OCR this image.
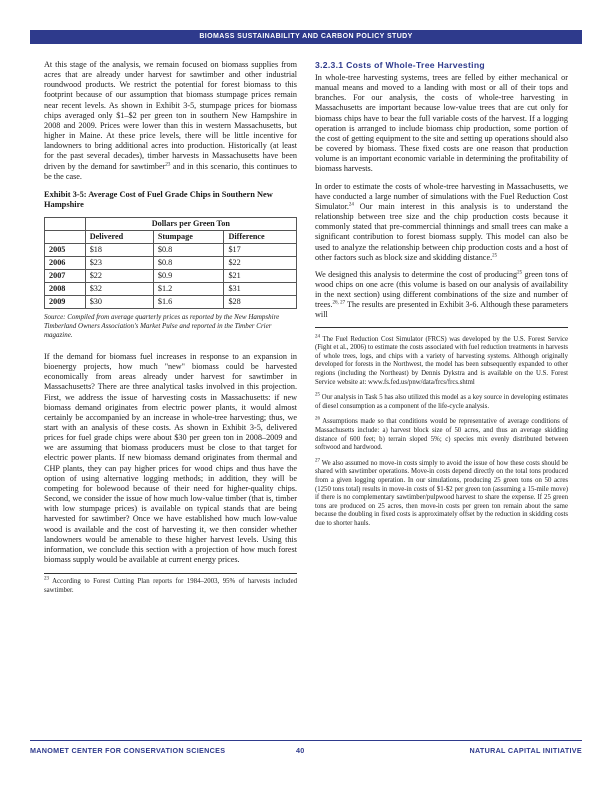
BIOMASS SUSTAINABILITY AND CARBON POLICY STUDY

At this stage of the analysis, we remain focused on biomass supplies from acres that are already under harvest for sawtimber and other industrial roundwood products. We restrict the potential for forest biomass to this footprint because of our assumption that biomass stumpage prices remain near recent levels. As shown in Exhibit 3-5, stumpage prices for biomass chips averaged only $1–$2 per green ton in southern New Hampshire in 2008 and 2009. Prices were lower than this in western Massachusetts, but higher in Maine. At these price levels, there will be little incentive for landowners to bring additional acres into production. Historically (at least for the past several decades), timber harvests in Massachusetts have been driven by the demand for sawtimber$^{23}$ and in this scenario, this continues to be the case.

Exhibit 3-5: Average Cost of Fuel Grade Chips in Southern New Hampshire
	Dollars per Green Ton		
	Delivered	Stumpage	Difference
2005	$18	$0.8	$17
2006	$23	$0.8	$22
2007	$22	$0.9	$21
2008	$32	$1.2	$31
2009	$30	$1.6	$28
Source: Compiled from average quarterly prices as reported by the New Hampshire Timberland Owners Association's Market Pulse and reported in the Timber Crier magazine.

If the demand for biomass fuel increases in response to an expansion in bioenergy projects, how much "new" biomass could be harvested economically from areas already under harvest for sawtimber in Massachusetts? There are three analytical tasks involved in this projection. First, we address the issue of harvesting costs in Massachusetts: if new biomass demand originates from electric power plants, it would almost certainly be accompanied by an increase in whole-tree harvesting; thus, we start with an analysis of these costs. As shown in Exhibit 3-5, delivered prices for fuel grade chips were about $30 per green ton in 2008–2009 and we are assuming that biomass producers must be close to that target for electric power plants. If new biomass demand originates from thermal and CHP plants, they can pay higher prices for wood chips and thus have the option of using alternative logging methods; in addition, they will be competing for bolewood because of their need for higher-quality chips. Second, we consider the issue of how much low-value timber (that is, timber with low stumpage prices) is available on typical stands that are being harvested for sawtimber? Once we have established how much low-value wood is available and the cost of harvesting it, we then consider whether landowners would be amenable to these higher harvest levels. Using this information, we conclude this section with a projection of how much forest biomass supply would be available at current energy prices.

$^{23}$ According to Forest Cutting Plan reports for 1984–2003, 95% of harvests included sawtimber.

3.2.3.1 Costs of Whole-Tree Harvesting

In whole-tree harvesting systems, trees are felled by either mechanical or manual means and moved to a landing with most or all of their tops and branches. For our analysis, the costs of whole-tree harvesting in Massachusetts are important because low-value trees that are cut only for biomass chips have to bear the full variable costs of the harvest. If a logging operation is arranged to include biomass chip production, some portion of the cost of getting equipment to the site and setting up operations should also be covered by biomass. These fixed costs are one reason that production volume is an important economic variable in determining the profitability of biomass harvests.

In order to estimate the costs of whole-tree harvesting in Massachusetts, we have conducted a large number of simulations with the Fuel Reduction Cost Simulator.$^{24}$ Our main interest in this analysis is to understand the relationship between tree size and the chip production costs because it commonly stated that pre-commercial thinnings and small trees can make a significant contribution to forest biomass supply. This model can also be used to analyze the relationship between chip production costs and a host of other factors such as block size and skidding distance.$^{25}$

We designed this analysis to determine the cost of producing$^{25}$ green tons of wood chips on one acre (this volume is based on our analysis of availability in the next section) using different combinations of the size and number of trees.$^{26, 27}$ The results are presented in Exhibit 3-6. Although these parameters will

$^{24}$ The Fuel Reduction Cost Simulator (FRCS) was developed by the U.S. Forest Service (Fight et al., 2006) to estimate the costs associated with fuel reduction treatments in harvests of whole trees, logs, and chips with a variety of harvesting systems. Although originally developed for forests in the Northwest, the model has been subsequently expanded to other regions (including the Northeast) by Dennis Dykstra and is available on the U.S. Forest Service website at: www.fs.fed.us/pnw/data/frcs/frcs.shtml

$^{25}$ Our analysis in Task 5 has also utilized this model as a key source in developing estimates of diesel consumption as a component of the life-cycle analysis.

$^{26}$ Assumptions made so that conditions would be representative of average conditions of Massachusetts include: a) harvest block size of 50 acres, and thus an average skidding distance of 600 feet; b) terrain sloped 5%; c) species mix evenly distributed between softwood and hardwood.

$^{27}$ We also assumed no move-in costs simply to avoid the issue of how these costs should be shared with sawtimber operations. Move-in costs depend directly on the total tons produced from a given logging operation. In our simulations, producing 25 green tons on 50 acres (1250 tons total) results in move-in costs of $1-$2 per green ton (assuming a 15-mile move) if there is no complementary sawtimber/pulpwood harvest to share the expense. If 25 green tons are produced on 25 acres, then move-in costs per green ton remain about the same because the doubling in fixed costs is approximately offset by the reduction in skidding costs due to shorter hauls.

MANOMET CENTER FOR CONSERVATION SCIENCES	40	NATURAL CAPITAL INITIATIVE
